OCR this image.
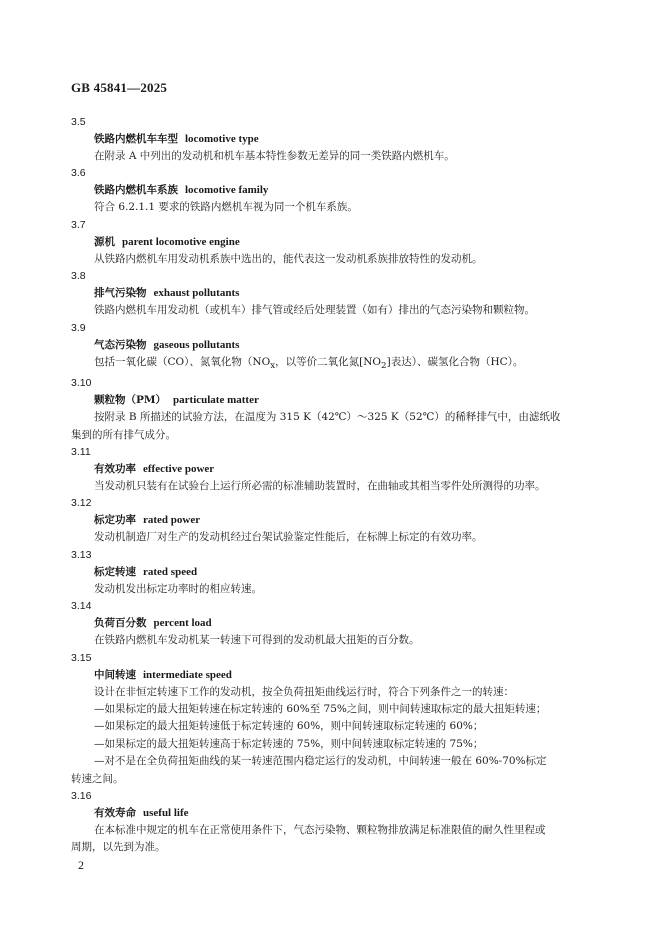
GB 45841—2025

3.5

铁路内燃机车车型 locomotive type

在附录 A 中列出的发动机和机车基本特性参数无差异的同一类铁路内燃机车。

3.6

铁路内燃机车系族 locomotive family

符合 6.2.1.1 要求的铁路内燃机车视为同一个机车系族。

3.7

源机 parent locomotive engine

从铁路内燃机车用发动机系族中选出的，能代表这一发动机系族排放特性的发动机。

3.8

排气污染物 exhaust pollutants

铁路内燃机车用发动机（或机车）排气管或经后处理装置（如有）排出的气态污染物和颗粒物。

3.9

气态污染物 gaseous pollutants

包括一氧化碳（CO）、氮氧化物（$NO_x$，以等价二氧化氮$[NO_2]$表达）、碳氢化合物（HC）。

3.10

颗粒物（PM） particulate matter

按附录 B 所描述的试验方法，在温度为 315 K（42℃）～325 K（52℃）的稀释排气中，由滤纸收

集到的所有排气成分。

3.11

有效功率 effective power

当发动机只装有在试验台上运行所必需的标准辅助装置时，在曲轴或其相当零件处所测得的功率。

3.12

标定功率 rated power

发动机制造厂对生产的发动机经过台架试验鉴定性能后，在标牌上标定的有效功率。

3.13

标定转速 rated speed

发动机发出标定功率时的相应转速。

3.14

负荷百分数 percent load

在铁路内燃机车发动机某一转速下可得到的发动机最大扭矩的百分数。

3.15

中间转速 intermediate speed

设计在非恒定转速下工作的发动机，按全负荷扭矩曲线运行时，符合下列条件之一的转速：

—如果标定的最大扭矩转速在标定转速的 60%至 75%之间，则中间转速取标定的最大扭矩转速；

—如果标定的最大扭矩转速低于标定转速的 60%，则中间转速取标定转速的 60%；

—如果标定的最大扭矩转速高于标定转速的 75%，则中间转速取标定转速的 75%；

—对不是在全负荷扭矩曲线的某一转速范围内稳定运行的发动机，中间转速一般在 60%-70%标定

转速之间。

3.16

有效寿命 useful life

在本标准中规定的机车在正常使用条件下，气态污染物、颗粒物排放满足标准限值的耐久性里程或

周期，以先到为准。

2
